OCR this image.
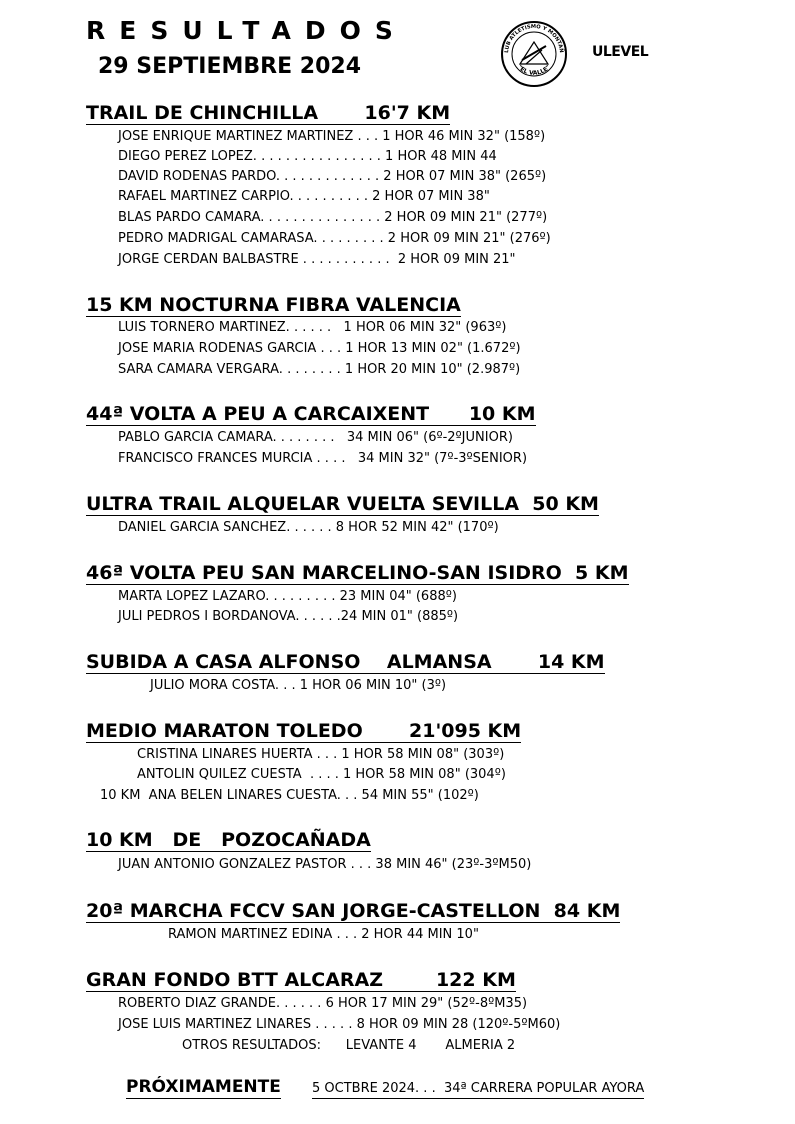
RESULTADOS
29 SEPTIEMBRE 2024
LUB ATLETISMO Y MONTAÑ
"EL VALLE"
ULEVEL
TRAIL DE CHINCHILLA       16'7 KM
JOSE ENRIQUE MARTINEZ MARTINEZ . . . 1 HOR 46 MIN 32" (158º)
DIEGO PEREZ LOPEZ. . . . . . . . . . . . . . . . 1 HOR 48 MIN 44
DAVID RODENAS PARDO. . . . . . . . . . . . . 2 HOR 07 MIN 38" (265º)
RAFAEL MARTINEZ CARPIO. . . . . . . . . . 2 HOR 07 MIN 38"
BLAS PARDO CAMARA. . . . . . . . . . . . . . . 2 HOR 09 MIN 21" (277º)
PEDRO MADRIGAL CAMARASA. . . . . . . . . 2 HOR 09 MIN 21" (276º)
JORGE CERDAN BALBASTRE . . . . . . . . . . .  2 HOR 09 MIN 21"
15 KM NOCTURNA FIBRA VALENCIA
LUIS TORNERO MARTINEZ. . . . . .   1 HOR 06 MIN 32" (963º)
JOSE MARIA RODENAS GARCIA . . . 1 HOR 13 MIN 02" (1.672º)
SARA CAMARA VERGARA. . . . . . . . 1 HOR 20 MIN 10" (2.987º)
44ª VOLTA A PEU A CARCAIXENT      10 KM
PABLO GARCIA CAMARA. . . . . . . .   34 MIN 06" (6º-2ºJUNIOR)
FRANCISCO FRANCES MURCIA . . . .   34 MIN 32" (7º-3ºSENIOR)
ULTRA TRAIL ALQUELAR VUELTA SEVILLA  50 KM
DANIEL GARCIA SANCHEZ. . . . . . 8 HOR 52 MIN 42" (170º)
46ª VOLTA PEU SAN MARCELINO-SAN ISIDRO  5 KM
MARTA LOPEZ LAZARO. . . . . . . . . 23 MIN 04" (688º)
JULI PEDROS I BORDANOVA. . . . . .24 MIN 01" (885º)
SUBIDA A CASA ALFONSO    ALMANSA       14 KM
JULIO MORA COSTA. . . 1 HOR 06 MIN 10" (3º)
MEDIO MARATON TOLEDO       21'095 KM
CRISTINA LINARES HUERTA . . . 1 HOR 58 MIN 08" (303º)
ANTOLIN QUILEZ CUESTA  . . . . 1 HOR 58 MIN 08" (304º)
10 KM  ANA BELEN LINARES CUESTA. . . 54 MIN 55" (102º)
10 KM   DE   POZOCAÑADA
JUAN ANTONIO GONZALEZ PASTOR . . . 38 MIN 46" (23º-3ºM50)
20ª MARCHA FCCV SAN JORGE-CASTELLON  84 KM
RAMON MARTINEZ EDINA . . . 2 HOR 44 MIN 10"
GRAN FONDO BTT ALCARAZ        122 KM
ROBERTO DIAZ GRANDE. . . . . . 6 HOR 17 MIN 29" (52º-8ºM35)
JOSE LUIS MARTINEZ LINARES . . . . . 8 HOR 09 MIN 28 (120º-5ºM60)
OTROS RESULTADOS:      LEVANTE 4       ALMERIA 2
PRÓXIMAMENTE 5 OCTBRE 2024. . .  34ª CARRERA POPULAR AYORA
